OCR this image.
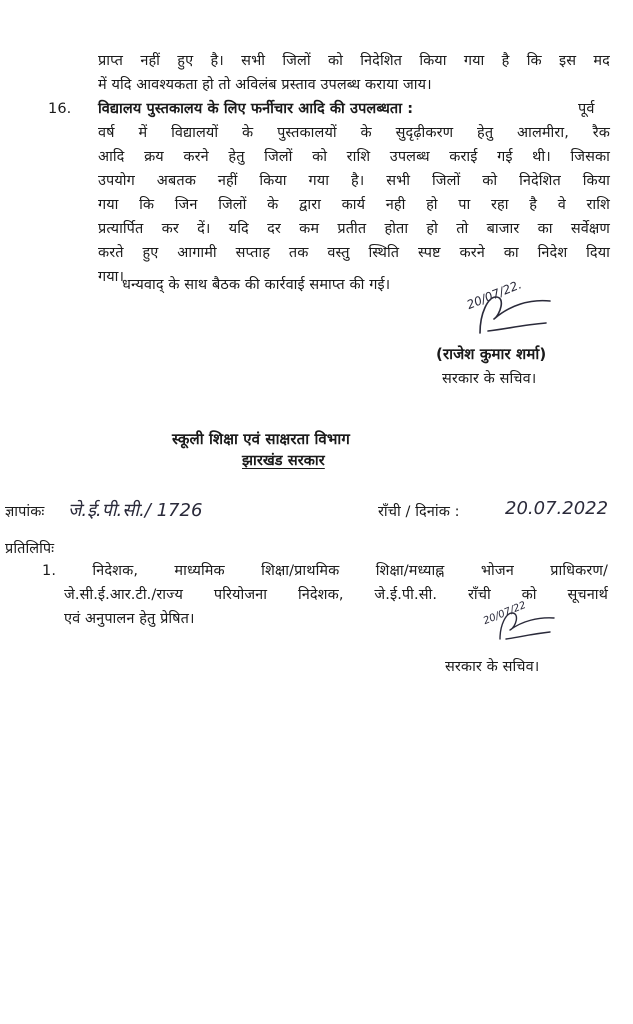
प्राप्त नहीं हुए है। सभी जिलों को निदेशित किया गया है कि इस मद
में यदि आवश्यकता हो तो अविलंब प्रस्ताव उपलब्ध कराया जाय।
16. विद्यालय पुस्तकालय के लिए फर्नीचार आदि की उपलब्धता :	पूर्व
वर्ष में विद्यालयों के पुस्तकालयों के सुदृढ़ीकरण हेतु आलमीरा, रैक
आदि क्रय करने हेतु जिलों को राशि उपलब्ध कराई गई थी। जिसका
उपयोग अबतक नहीं किया गया है। सभी जिलों को निदेशित किया
गया कि जिन जिलों के द्वारा कार्य नही हो पा रहा है वे राशि
प्रत्यार्पित कर दें। यदि दर कम प्रतीत होता हो तो बाजार का सर्वेक्षण
करते हुए आगामी सप्ताह तक वस्तु स्थिति स्पष्ट करने का निदेश दिया
गया।
धन्यवाद् के साथ बैठक की कार्रवाई समाप्त की गई।	20/07/22.
(राजेश कुमार शर्मा)
सरकार के सचिव।
स्कूली शिक्षा एवं साक्षरता विभाग
झारखंड सरकार
ज्ञापांकः जे.ई.पी.सी./ 1726	राँची / दिनांक :	20.07.2022
प्रतिलिपिः
1. निदेशक, माध्यमिक शिक्षा/प्राथमिक शिक्षा/मध्याह्न भोजन प्राधिकरण/
जे.सी.ई.आर.टी./राज्य परियोजना निदेशक, जे.ई.पी.सी. राँची को सूचनार्थ
एवं अनुपालन हेतु प्रेषित।	20/07/22
सरकार के सचिव।
